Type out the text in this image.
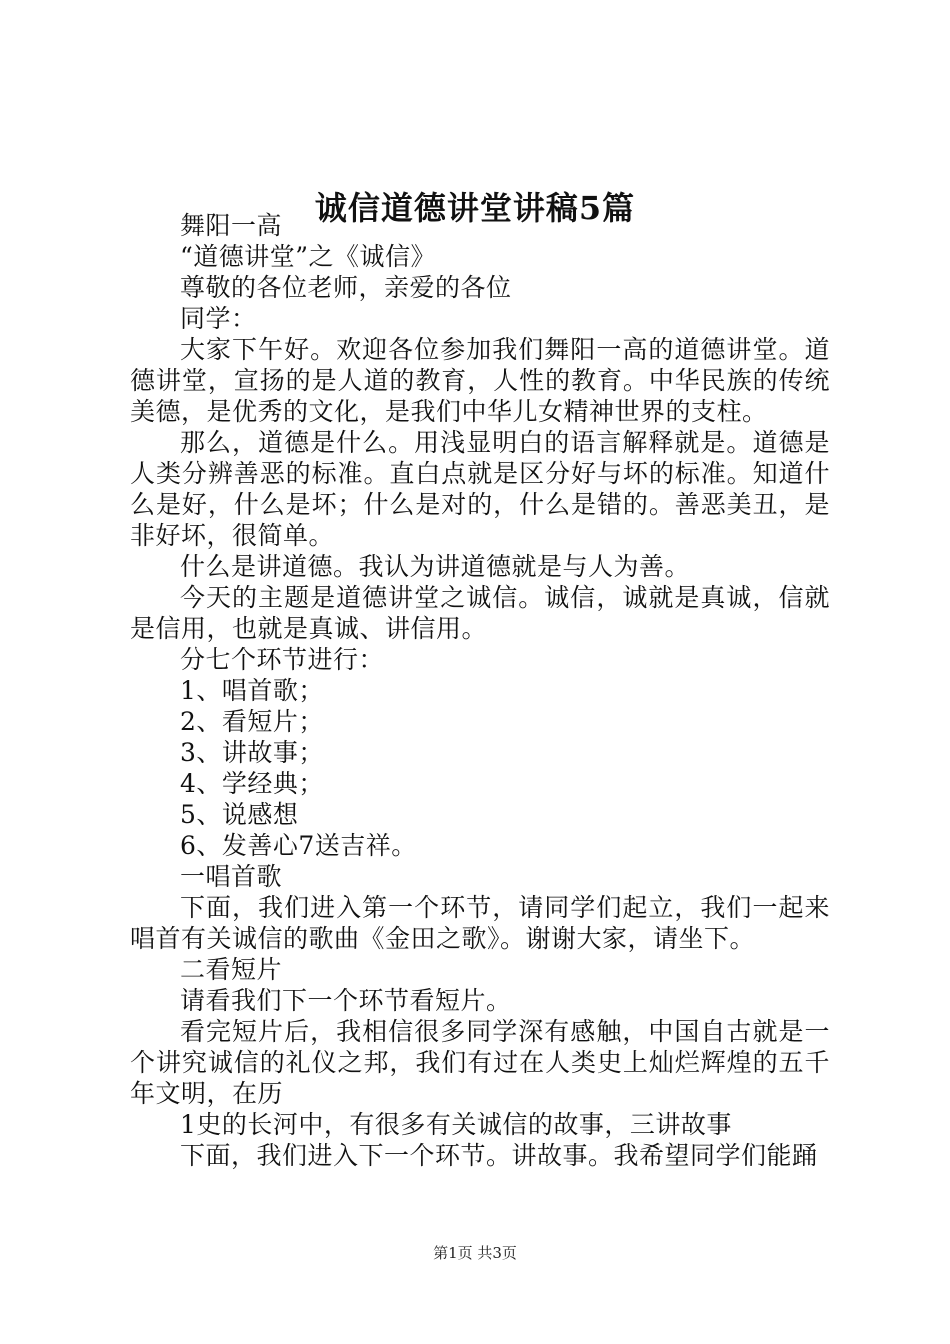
诚信道德讲堂讲稿5篇

舞阳一高

“道德讲堂”之《诚信》

尊敬的各位老师，亲爱的各位

同学：

大家下午好。欢迎各位参加我们舞阳一高的道德讲堂。道德讲堂，宣扬的是人道的教育，人性的教育。中华民族的传统美德，是优秀的文化，是我们中华儿女精神世界的支柱。

那么，道德是什么。用浅显明白的语言解释就是。道德是人类分辨善恶的标准。直白点就是区分好与坏的标准。知道什么是好，什么是坏；什么是对的，什么是错的。善恶美丑，是非好坏，很简单。

什么是讲道德。我认为讲道德就是与人为善。

今天的主题是道德讲堂之诚信。诚信，诚就是真诚，信就是信用，也就是真诚、讲信用。

分七个环节进行：

1、唱首歌；

2、看短片；

3、讲故事；

4、学经典；

5、说感想

6、发善心7送吉祥。

一唱首歌

下面，我们进入第一个环节，请同学们起立，我们一起来唱首有关诚信的歌曲《金田之歌》。谢谢大家，请坐下。

二看短片

请看我们下一个环节看短片。

看完短片后，我相信很多同学深有感触，中国自古就是一个讲究诚信的礼仪之邦，我们有过在人类史上灿烂辉煌的五千年文明，在历

1史的长河中，有很多有关诚信的故事，三讲故事

下面，我们进入下一个环节。讲故事。我希望同学们能踊

第1页 共3页
